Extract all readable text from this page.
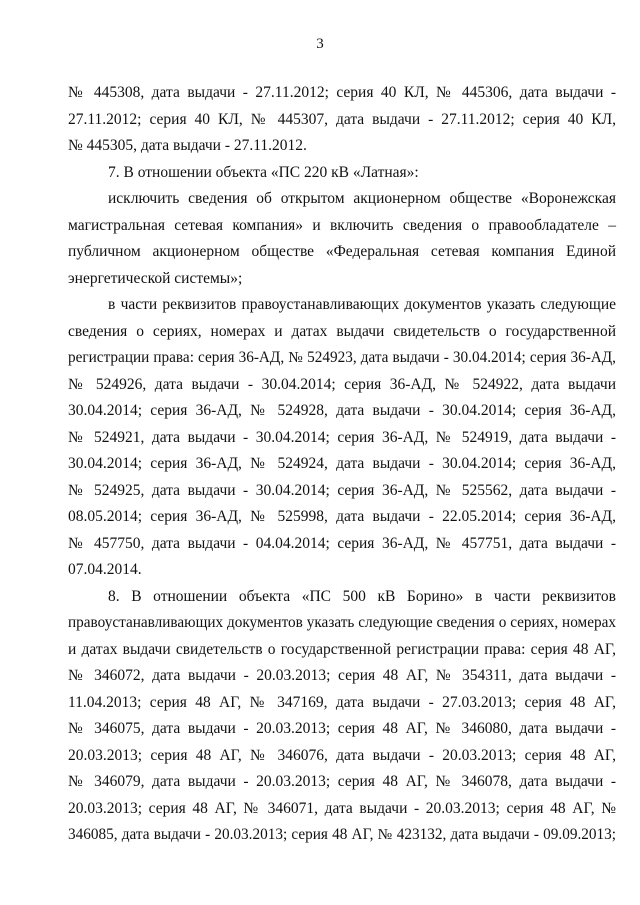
3
№ 445308, дата выдачи - 27.11.2012; серия 40 КЛ, № 445306, дата выдачи -
27.11.2012; серия 40 КЛ, № 445307, дата выдачи - 27.11.2012; серия 40 КЛ,
№ 445305, дата выдачи - 27.11.2012.
7. В отношении объекта «ПС 220 кВ «Латная»:
исключить сведения об открытом акционерном обществе «Воронежская
магистральная сетевая компания» и включить сведения о правообладателе –
публичном акционерном обществе «Федеральная сетевая компания Единой
энергетической системы»;
в части реквизитов правоустанавливающих документов указать следующие
сведения о сериях, номерах и датах выдачи свидетельств о государственной
регистрации права: серия 36-АД, № 524923, дата выдачи - 30.04.2014; серия 36-АД,
№ 524926, дата выдачи - 30.04.2014; серия 36-АД, № 524922, дата выдачи
30.04.2014; серия 36-АД, № 524928, дата выдачи - 30.04.2014; серия 36-АД,
№ 524921, дата выдачи - 30.04.2014; серия 36-АД, № 524919, дата выдачи -
30.04.2014; серия 36-АД, № 524924, дата выдачи - 30.04.2014; серия 36-АД,
№ 524925, дата выдачи - 30.04.2014; серия 36-АД, № 525562, дата выдачи -
08.05.2014; серия 36-АД, № 525998, дата выдачи - 22.05.2014; серия 36-АД,
№ 457750, дата выдачи - 04.04.2014; серия 36-АД, № 457751, дата выдачи -
07.04.2014.
8. В отношении объекта «ПС 500 кВ Борино» в части реквизитов
правоустанавливающих документов указать следующие сведения о сериях, номерах
и датах выдачи свидетельств о государственной регистрации права: серия 48 АГ,
№ 346072, дата выдачи - 20.03.2013; серия 48 АГ, № 354311, дата выдачи -
11.04.2013; серия 48 АГ, № 347169, дата выдачи - 27.03.2013; серия 48 АГ,
№ 346075, дата выдачи - 20.03.2013; серия 48 АГ, № 346080, дата выдачи -
20.03.2013; серия 48 АГ, № 346076, дата выдачи - 20.03.2013; серия 48 АГ,
№ 346079, дата выдачи - 20.03.2013; серия 48 АГ, № 346078, дата выдачи -
20.03.2013; серия 48 АГ, № 346071, дата выдачи - 20.03.2013; серия 48 АГ, №
346085, дата выдачи - 20.03.2013; серия 48 АГ, № 423132, дата выдачи - 09.09.2013;
